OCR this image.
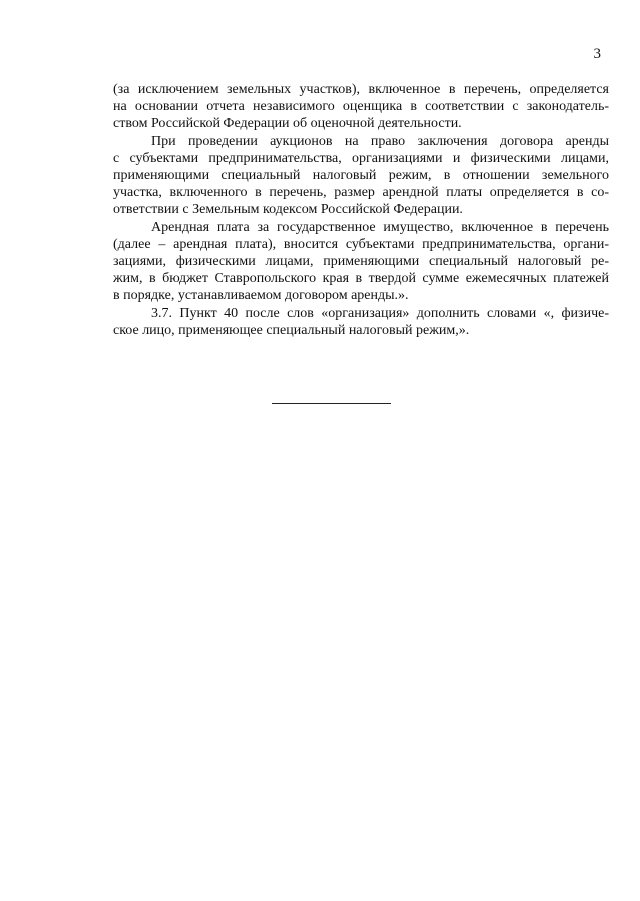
3

(за исключением земельных участков), включенное в перечень, определяется
на основании отчета независимого оценщика в соответствии с законодатель-
ством Российской Федерации об оценочной деятельности.

При проведении аукционов на право заключения договора аренды
с субъектами предпринимательства, организациями и физическими лицами,
применяющими специальный налоговый режим, в отношении земельного
участка, включенного в перечень, размер арендной платы определяется в со-
ответствии с Земельным кодексом Российской Федерации.

Арендная плата за государственное имущество, включенное в перечень
(далее – арендная плата), вносится субъектами предпринимательства, органи-
зациями, физическими лицами, применяющими специальный налоговый ре-
жим, в бюджет Ставропольского края в твердой сумме ежемесячных платежей
в порядке, устанавливаемом договором аренды.».

3.7. Пункт 40 после слов «организация» дополнить словами «, физиче-
ское лицо, применяющее специальный налоговый режим,».
